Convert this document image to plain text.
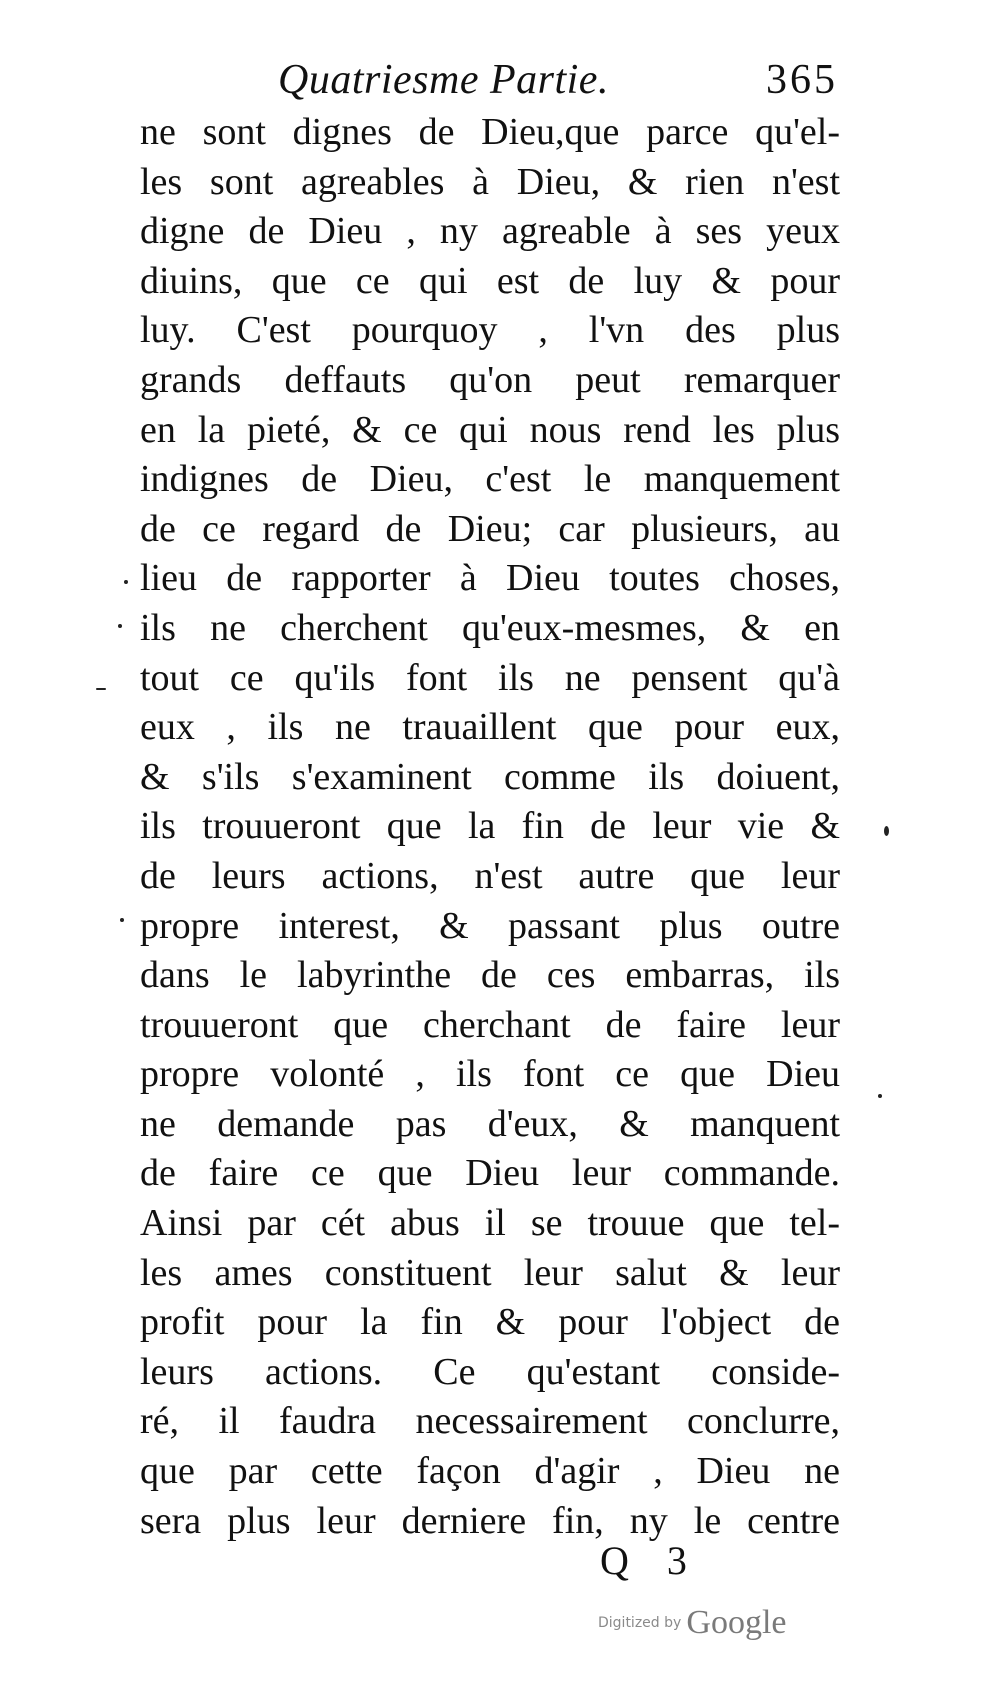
Quatriesme Partie.	365
ne sont dignes de Dieu,que parce qu'el-
les sont agreables à Dieu, & rien n'est
digne de Dieu , ny agreable à ses yeux
diuins, que ce qui est de luy & pour
luy. C'est pourquoy , l'vn des plus
grands deffauts qu'on peut remarquer
en la pieté, & ce qui nous rend les plus
indignes de Dieu, c'est le manquement
de ce regard de Dieu; car plusieurs, au
lieu de rapporter à Dieu toutes choses,
ils ne cherchent qu'eux-mesmes, & en
tout ce qu'ils font ils ne pensent qu'à
eux , ils ne trauaillent que pour eux,
& s'ils s'examinent comme ils doiuent,
ils trouueront que la fin de leur vie &
de leurs actions, n'est autre que leur
propre interest, & passant plus outre
dans le labyrinthe de ces embarras, ils
trouueront que cherchant de faire leur
propre volonté , ils font ce que Dieu
ne demande pas d'eux, & manquent
de faire ce que Dieu leur commande.
Ainsi par cét abus il se trouue que tel-
les ames constituent leur salut & leur
profit pour la fin & pour l'object de
leurs actions. Ce qu'estant conside-
ré, il faudra necessairement conclurre,
que par cette façon d'agir , Dieu ne
sera plus leur derniere fin, ny le centre
Q 3
Digitized by Google
